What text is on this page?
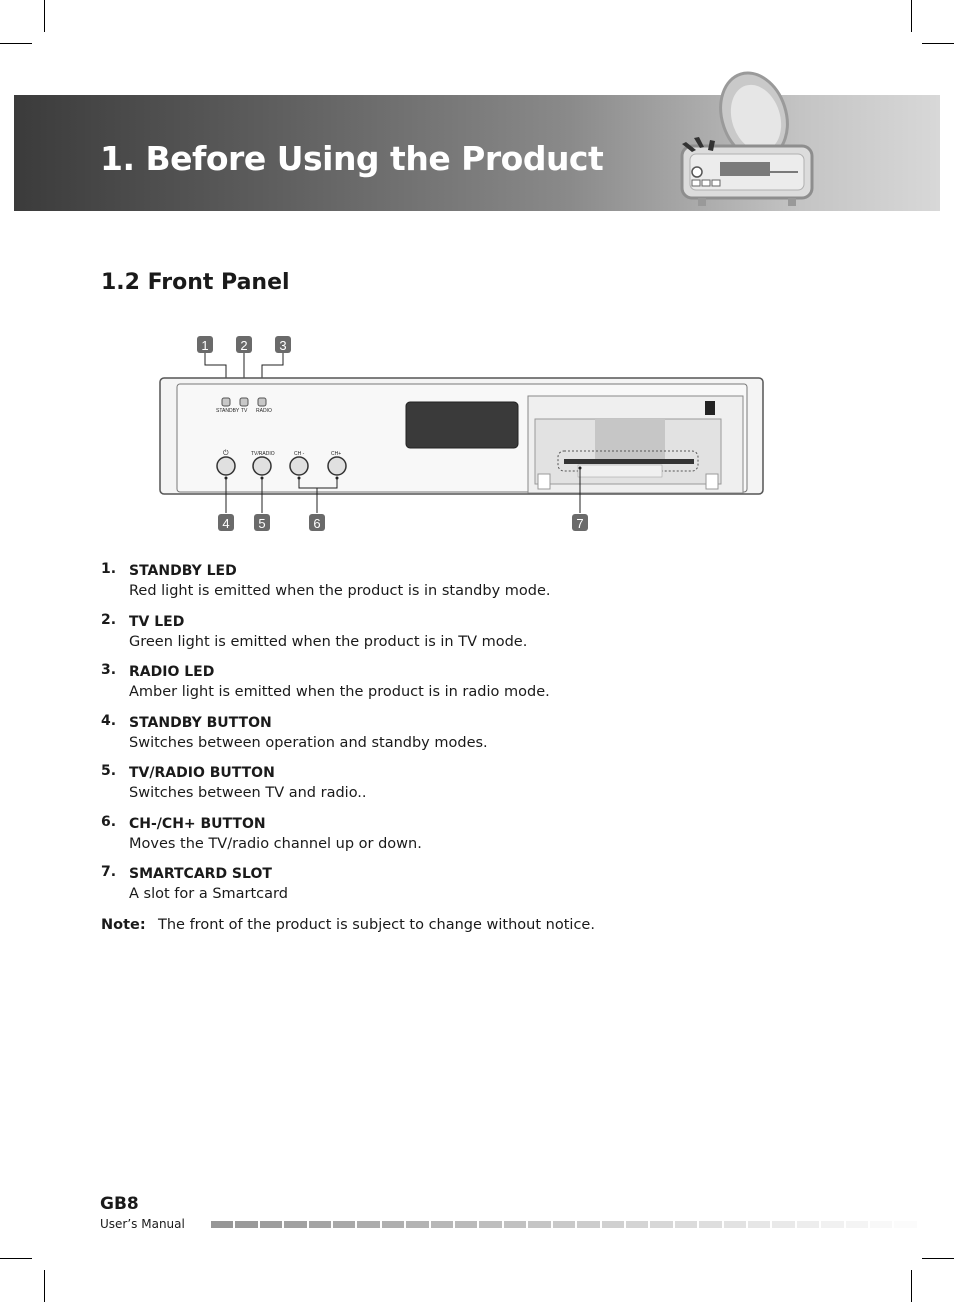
1. Before Using the Product
1.2 Front Panel
1 2 3
STANDBY TV RADIO
⏻	TV/RADIO	CH -	CH+
4 5	6	7
1. STANDBY LED
Red light is emitted when the product is in standby mode.
2. TV LED
Green light is emitted when the product is in TV mode.
3. RADIO LED
Amber light is emitted when the product is in radio mode.
4. STANDBY BUTTON
Switches between operation and standby modes.
5. TV/RADIO BUTTON
Switches between TV and radio..
6. CH-/CH+ BUTTON
Moves the TV/radio channel up or down.
7. SMARTCARD SLOT
A slot for a Smartcard
Note: The front of the product is subject to change without notice.
GB8
User’s Manual
